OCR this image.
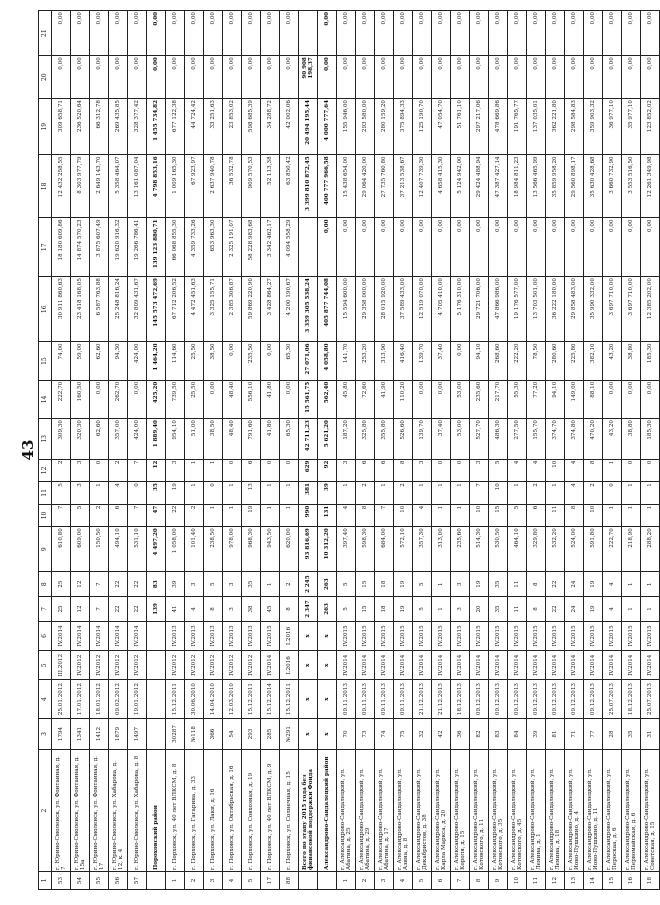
43
1	2	3	4	5	6	7	8	9	10	11	12	13	14	15	16	17	18	19	20	21
53	г. Юрино-Смоленск, ул. Фонтанная, д. 7	1794	25.01.2012	III.2012	IV.2014	25	25	610,80	7	5	2	309,30	222,70	74,00	30 911 860,63	18 180 609,86	12 432 258,55	309 658,71	0,00	0,00
54	г. Юрино-Смоленск, ул. Фонтанная, д. 15а	1341	17.01.2012	IV.2012	IV.2014	12	12	609,00	5	3	3	320,30	160,50	59,00	23 418 168,05	14 874 570,23	8 303 977,79	236 520,64	0,00	0,00
55	г. Юрино-Смоленск, ул. Фонтанная, д. 17	1412	18.01.2012	IV.2012	IV.2014	7	7	150,50	2	1	0	62,60	0,00	62,60	6 587 763,88	3 875 607,49	2 649 143,70	66 312,78	0,00	0,00
56	г. Юрино-Смоленск, ул. Хабарова, д. 12, к. 4	1879	09.02.2012	IV.2012	IV.2014	22	22	494,10	6	4	2	357,00	262,70	94,30	25 248 816,24	19 620 916,32	5 358 464,07	269 435,85	0,00	0,00
57	г. Юрино-Смоленск, ул. Хабарова, д. 8	1497	19.01.2012	IV.2012	IV.2014	22	22	531,10	7	0	7	424,00	0,00	424,00	32 809 431,67	19 266 786,41	13 161 087,04	328 377,42	0,00	0,00
	Пороховский район					139	83	4 497,20	47	35	12	1 889,40	425,20	1 464,20	145 573 472,69	139 123 880,71	4 798 853,16	1 455 734,82	0,00	0,00
1	г. Порховск, ул. 40 лет ВЛКСМ, д. 8	30287	15.12.2011	IV.2012	IV.2013	41	39	1 058,00	22	19	3	954,10	739,50	114,60	67 712 206,52	66 068 855,30	1 009 165,30	677 122,38	0,00	0,00
2	г. Порховск, ул. Гагарина, д. 33	№118	30.06.2010	IV.2012	IV.2013	4	3	101,40	2	1	1	51,00	25,50	25,50	4 472 451,63	4 359 733,26	67 923,97	44 724,42	0,00	0,00
3	г. Порховск, ул. Лаки, д. 16	366	14.04.2010	IV.2012	IV.2013	8	5	238,50	1	0	1	38,50	0,00	38,50	3 325 155,71	653 963,30	2 637 940,78	33 251,63	0,00	0,00
4	г. Порховск, ул. Октябрьская, д. 16	54	12.03.2010	IV.2012	IV.2013	3	3	978,00	1	1	0	48,40	48,40	0,00	2 385 306,87	2 325 191,07	36 532,78	23 853,02	0,00	0,00
5	г. Порховск, ул. Совхозная, д. 19	293	15.12.2011	IV.2012	IV.2013	38	35	968,30	19	13	6	791,60	556,10	235,50	59 869 220,90	58 228 983,68	909 570,53	598 685,39	0,00	0,00
17	г. Порховск, ул. 40 лет ВЛКСМ, д. 9	285	15.12.2014	IV.2014	IV.2015	45	1	943,50	1	1	0	41,80	41,80	0,00	3 428 864,27	3 342 462,17	52 113,38	34 288,72	0,00	0,00
88	г. Порховск, ул. Солнечная, д. 15	№291	15.12.2011	I.2016	I.2016	8	2	620,00	1	1	0	65,30	0,00	65,30	4 200 190,67	4 094 558,29	63 850,42	42 002,06	0,00	0,00
	Всего по этапу 2015 года без финансовой поддержки Фонда	x	x	x	x	2 347	2 245	93 816,69	990	381	629	42 711,23	15 561,75	27 071,06	3 359 305 538,24		3 399 810 872,45	20 494 195,44	90 908 198,37	
	Александрово-Сандалецкий район	x	x	x	x	263	263	10 312,20	131	39	92	5 621,20	562,40	4 058,80	405 877 744,08	0,00	400 777 966,58	4 000 777,64	0,00	0,00
1	г. Александрово-Сандалецкий, ул. Абатина, д. 25	70	09.11.2013	IV.2014	IV.2015	5	5	397,40	4	1	3	187,20	45,80	141,70	15 594 600,00	0,00	15 438 654,00	155 946,00	0,00	0,00
2	г. Александрово-Сандалецкий, ул. Абатина, д. 29	73	09.11.2013	IV.2014	IV.2015	15	15	598,30	8	2	6	325,80	72,60	253,20	29 358 000,00	0,00	29 064 420,00	293 580,00	0,00	0,00
3	г. Александрово-Сандалецкий, ул. Абатина, д. 17	74	09.11.2013	IV.2014	IV.2015	18	18	684,00	7	1	6	355,80	41,90	313,90	28 015 920,00	0,00	27 735 760,80	280 159,20	0,00	0,00
4	г. Александрово-Сандалецкий, ул. Азина, д. 8	75	09.11.2013	IV.2014	IV.2015	19	19	572,10	10	2	8	526,60	110,20	416,40	37 589 433,00	0,00	37 213 538,67	375 894,33	0,00	0,00
5	г. Александрово-Сандалецкий, ул. Декабристов, д. 38	32	21.12.2013	IV.2014	IV.2015	5	5	357,30	4	1	3	139,70	0,00	139,70	12 519 070,00	0,00	12 407 739,30	125 190,70	0,00	0,00
6	г. Александрово-Сандалецкий, ул. Карла Маркса, д. 20	42	21.12.2013	IV.2014	IV.2015	1	1	313,00	1	1	0	37,40	0,00	37,40	4 705 410,00	0,00	4 658 415,30	47 054,70	0,00	0,00
7	г. Александрово-Сандалецкий, ул. Короля, д. 15	36	18.12.2013	IV.2014	IV.2015	3	3	235,60	1	1	0	53,00	53,00	0,00	5 176 310,00	0,00	5 124 942,00	51 761,10	0,00	0,00
8	г. Александрово-Сандалецкий, ул. Котовского, д. 11	82	09.12.2013	IV.2014	IV.2015	20	19	514,30	10	7	3	527,70	235,60	94,10	29 721 706,00	0,00	29 424 488,94	297 217,06	0,00	0,00
9	г. Александрово-Сандалецкий, ул. Котовского, д. 35	83	09.12.2013	IV.2014	IV.2015	35	35	530,50	15	10	5	486,30	217,70	268,60	47 866 986,00	0,00	47 387 427,14	478 669,86	0,00	0,00
10	г. Александрово-Сандалецкий, ул. Котовского, д. 45	84	09.12.2013	IV.2014	IV.2015	11	11	464,10	5	1	4	277,50	55,30	222,20	19 176 577,00	0,00	18 984 811,23	191 765,77	0,00	0,00
11	г. Александрово-Сандалецкий, ул. Ленина, д. 1	39	09.12.2013	IV.2014	IV.2015	8	8	329,80	6	2	4	155,70	77,20	78,50	13 703 501,00	0,00	13 566 465,99	137 035,01	0,00	0,00
12	г. Александрово-Сандалецкий, ул. Ленина, д. 18	81	09.12.2013	IV.2014	IV.2015	22	22	532,20	11	1	10	374,70	94,10	280,60	36 222 180,00	0,00	35 859 958,20	362 221,80	0,00	0,00
13	г. Александрово-Сандалецкий, ул. Ионо-Пушкино, д. 4	71	09.12.2013	IV.2014	IV.2015	24	24	524,00	8	4	4	374,80	149,00	225,80	29 858 483,00	0,00	29 560 898,17	298 584,83	0,00	0,00
14	г. Александрово-Сандалецкий, ул. Ионо-Пушкино, д. 11	77	09.12.2013	IV.2014	IV.2015	19	19	591,80	10	2	8	470,20	88,10	382,10	35 990 332,00	0,00	35 630 428,68	359 903,32	0,00	0,00
15	г. Александрово-Сандалецкий, ул. Пероскаа, д. 6	28	25.07.2013	IV.2014	IV.2015	4	4	222,70	1	0	1	43,20	0,00	43,20	3 697 710,00	0,00	3 660 732,90	36 977,10	0,00	0,00
16	г. Александрово-Сандалецкий, ул. Первомайская, д. 6	35	18.12.2013	IV.2014	IV.2015	1	1	218,90	1	1	0	38,80	0,00	38,80	3 697 710,00	0,00	3 553 516,50	35 977,10	0,00	0,00
18	г. Александрово-Сандалецкий, ул. Советская, д. 15	31	25.07.2013	IV.2014	IV.2015	1	1	288,20	1	1	0	185,30	0,00	185,30	12 385 202,00	0,00	12 261 349,98	123 852,02	0,00	0,00
